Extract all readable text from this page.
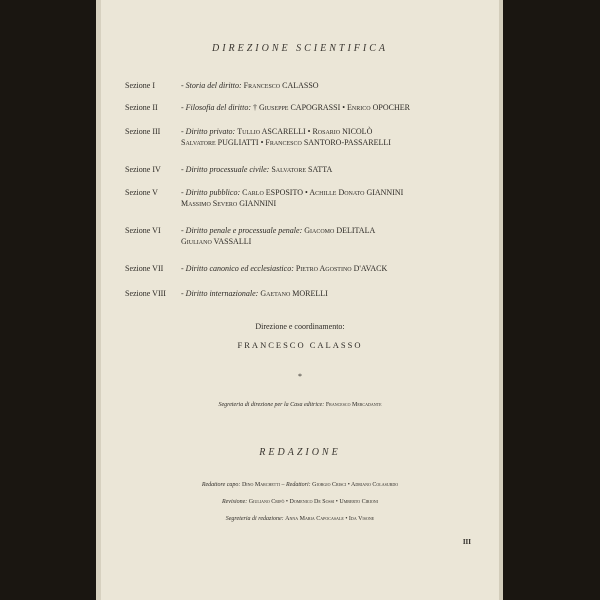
DIREZIONE SCIENTIFICA
Sezione I	- Storia del diritto: Francesco CALASSO
Sezione II	- Filosofia del diritto: † Giuseppe CAPOGRASSI • Enrico OPOCHER
Sezione III	- Diritto privato: Tullio ASCARELLI • Rosario NICOLÒ
Salvatore PUGLIATTI • Francesco SANTORO-PASSARELLI
Sezione IV	- Diritto processuale civile: Salvatore SATTA
Sezione V	- Diritto pubblico: Carlo ESPOSITO • Achille Donato GIANNINI
Massimo Severo GIANNINI
Sezione VI	- Diritto penale e processuale penale: Giacomo DELITALA
Giuliano VASSALLI
Sezione VII	- Diritto canonico ed ecclesiastico: Pietro Agostino D'AVACK
Sezione VIII	- Diritto internazionale: Gaetano MORELLI
Direzione e coordinamento:
FRANCESCO CALASSO
*
Segreteria di direzione per la Casa editrice: Francesco Mercadante
REDAZIONE
Redattore capo: Dino Marchetti – Redattori: Giorgio Crisci • Adriano Colasurdo
Revisione: Giuliano Crifò • Domenico De Sossi • Umberto Cirioni
Segreteria di redazione: Anna Maria Capocasale • Ida Visone
III
